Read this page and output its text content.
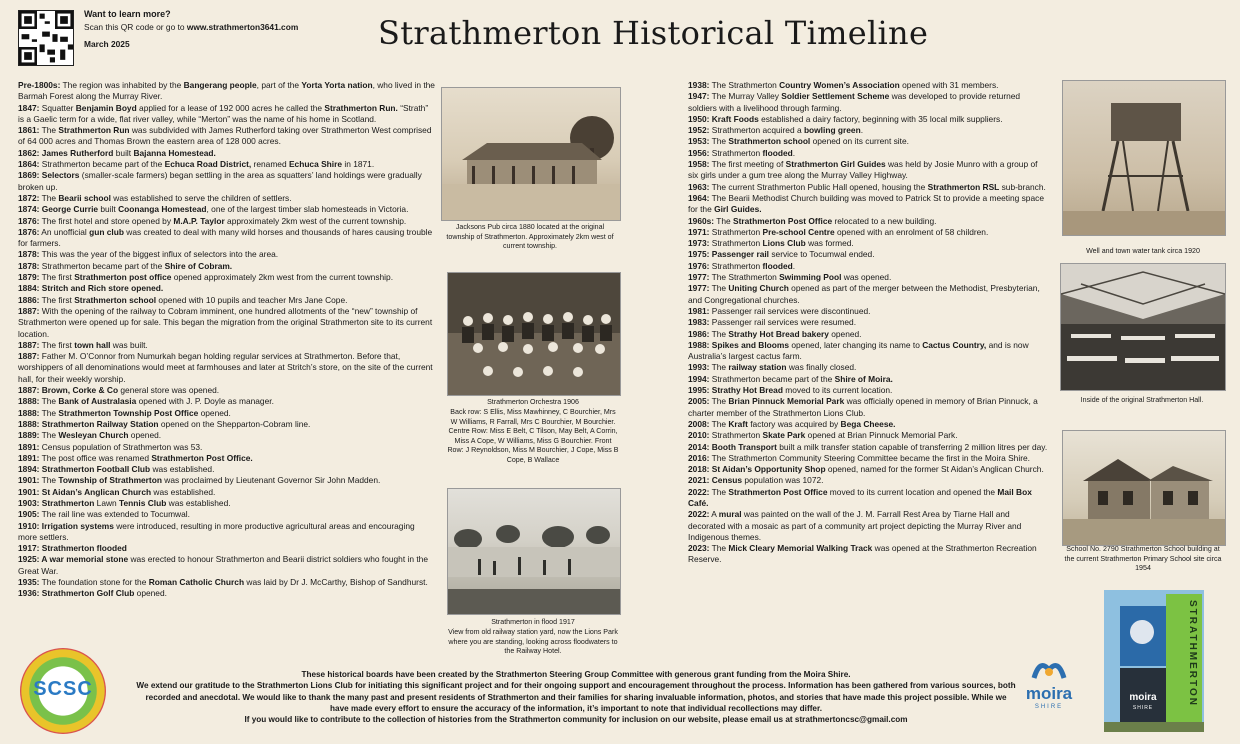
Want to learn more?
Scan this QR code or go to www.strathmerton3641.com
March 2025	Strathmerton Historical Timeline

Pre-1800s: The region was inhabited by the Bangerang people, part of the Yorta Yorta nation, who lived in the Barmah Forest along the Murray River.

1847: Squatter Benjamin Boyd applied for a lease of 192 000 acres he called the Strathmerton Run. “Strath” is a Gaelic term for a wide, flat river valley, while “Merton” was the name of his home in Scotland.

1861: The Strathmerton Run was subdivided with James Rutherford taking over Strathmerton West comprised of 64 000 acres and Thomas Brown the eastern area of 128 000 acres.

1862: James Rutherford built Bajanna Homestead.

1864: Strathmerton became part of the Echuca Road District, renamed Echuca Shire in 1871.

1869: Selectors (smaller-scale farmers) began settling in the area as squatters’ land holdings were gradually broken up.

1872: The Bearii school was established to serve the children of settlers.

1874: George Currie built Coonanga Homestead, one of the largest timber slab homesteads in Victoria.

1876: The first hotel and store opened by M.A.P. Taylor approximately 2km west of the current township.

1876: An unofficial gun club was created to deal with many wild horses and thousands of hares causing trouble for farmers.

1878: This was the year of the biggest influx of selectors into the area.

1878: Strathmerton became part of the Shire of Cobram.

1879: The first Strathmerton post office opened approximately 2km west from the current township.

1884: Stritch and Rich store opened.

1886: The first Strathmerton school opened with 10 pupils and teacher Mrs Jane Cope.

1887: With the opening of the railway to Cobram imminent, one hundred allotments of the “new” township of Strathmerton were opened up for sale. This began the migration from the original Strathmerton site to its current location.

1887: The first town hall was built.

1887: Father M. O’Connor from Numurkah began holding regular services at Strathmerton. Before that, worshippers of all denominations would meet at farmhouses and later at Stritch’s store, on the site of the current hall, for their weekly worship.

1887: Brown, Corke & Co general store was opened.

1888: The Bank of Australasia opened with J. P. Doyle as manager.

1888: The Strathmerton Township Post Office opened.

1888: Strathmerton Railway Station opened on the Shepparton-Cobram line.

1889: The Wesleyan Church opened.

1891: Census population of Strathmerton was 53.

1891: The post office was renamed Strathmerton Post Office.

1894: Strathmerton Football Club was established.

1901: The Township of Strathmerton was proclaimed by Lieutenant Governor Sir John Madden.

1901: St Aidan’s Anglican Church was established.

1903: Strathmerton Lawn Tennis Club was established.

1905: The rail line was extended to Tocumwal.

1910: Irrigation systems were introduced, resulting in more productive agricultural areas and encouraging more settlers.

1917: Strathmerton flooded

1925: A war memorial stone was erected to honour Strathmerton and Bearii district soldiers who fought in the Great War.

1935: The foundation stone for the Roman Catholic Church was laid by Dr J. McCarthy, Bishop of Sandhurst.

1936: Strathmerton Golf Club opened.

1938: The Strathmerton Country Women’s Association opened with 31 members.

1947: The Murray Valley Soldier Settlement Scheme was developed to provide returned soldiers with a livelihood through farming.

1950: Kraft Foods established a dairy factory, beginning with 35 local milk suppliers.

1952: Strathmerton acquired a bowling green.

1953: The Strathmerton school opened on its current site.

1956: Strathmerton flooded.

1958: The first meeting of Strathmerton Girl Guides was held by Josie Munro with a group of six girls under a gum tree along the Murray Valley Highway.

1963: The current Strathmerton Public Hall opened, housing the Strathmerton RSL sub-branch.

1964: The Bearii Methodist Church building was moved to Patrick St to provide a meeting space for the Girl Guides.

1960s: The Strathmerton Post Office relocated to a new building.

1971: Strathmerton Pre-school Centre opened with an enrolment of 58 children.

1973: Strathmerton Lions Club was formed.

1975: Passenger rail service to Tocumwal ended.

1976: Strathmerton flooded.

1977: The Strathmerton Swimming Pool was opened.

1977: The Uniting Church opened as part of the merger between the Methodist, Presbyterian, and Congregational churches.

1981: Passenger rail services were discontinued.

1983: Passenger rail services were resumed.

1986: The Strathy Hot Bread bakery opened.

1988: Spikes and Blooms opened, later changing its name to Cactus Country, and is now Australia’s largest cactus farm.

1993: The railway station was finally closed.

1994: Strathmerton became part of the Shire of Moira.

1995: Strathy Hot Bread moved to its current location.

2005: The Brian Pinnuck Memorial Park was officially opened in memory of Brian Pinnuck, a charter member of the Strathmerton Lions Club.

2008: The Kraft factory was acquired by Bega Cheese.

2010: Strathmerton Skate Park opened at Brian Pinnuck Memorial Park.

2014: Booth Transport built a milk transfer station capable of transferring 2 million litres per day.

2016: The Strathmerton Community Steering Committee became the first in the Moira Shire.

2018: St Aidan’s Opportunity Shop opened, named for the former St Aidan’s Anglican Church.

2021: Census population was 1072.

2022: The Strathmerton Post Office moved to its current location and opened the Mail Box Café.

2022: A mural was painted on the wall of the J. M. Farrall Rest Area by Tiarne Hall and decorated with a mosaic as part of a community art project depicting the Murray River and Indigenous themes.

2023: The Mick Cleary Memorial Walking Track was opened at the Strathmerton Recreation Reserve.

Jacksons Pub circa 1880 located at the original township of Strathmerton. Approximately 2km west of current township.
Strathmerton Orchestra 1906
Back row: S Ellis, Miss Mawhinney, C Bourchier, Mrs W Williams, R Farrall, Mrs C Bourchier, M Bourchier. Centre Row: Miss E Belt, C Tilson, May Belt, A Corrin, Miss A Cope, W Williams, Miss G Bourchier. Front Row: J Reynoldson, Miss M Bourchier, J Cope, Miss B Cope, B Wallace
Strathmerton in flood 1917
View from old railway station yard, now the Lions Park where you are standing, looking across floodwaters to the Railway Hotel.
Well and town water tank circa 1920
Inside of the original Strathmerton Hall.
School No. 2790 Strathmerton School building at the current Strathmerton Primary School site circa 1954
These historical boards have been created by the Strathmerton Steering Group Committee with generous grant funding from the Moira Shire.
We extend our gratitude to the Strathmerton Lions Club for initiating this significant project and for their ongoing support and encouragement throughout the process. Information has been gathered from various sources, both recorded and anecdotal. We would like to thank the many past and present residents of Strathmerton and their families for sharing invaluable information, photos, and stories that have made this project possible. While we have made every effort to ensure the accuracy of the information, it’s important to note that individual recollections may differ.
If you would like to contribute to the collection of histories from the Strathmerton community for inclusion on our website, please email us at strathmertoncsc@gmail.com
SCSC	moira
SHIRE
STRATHMERTON
moira
SHIRE
